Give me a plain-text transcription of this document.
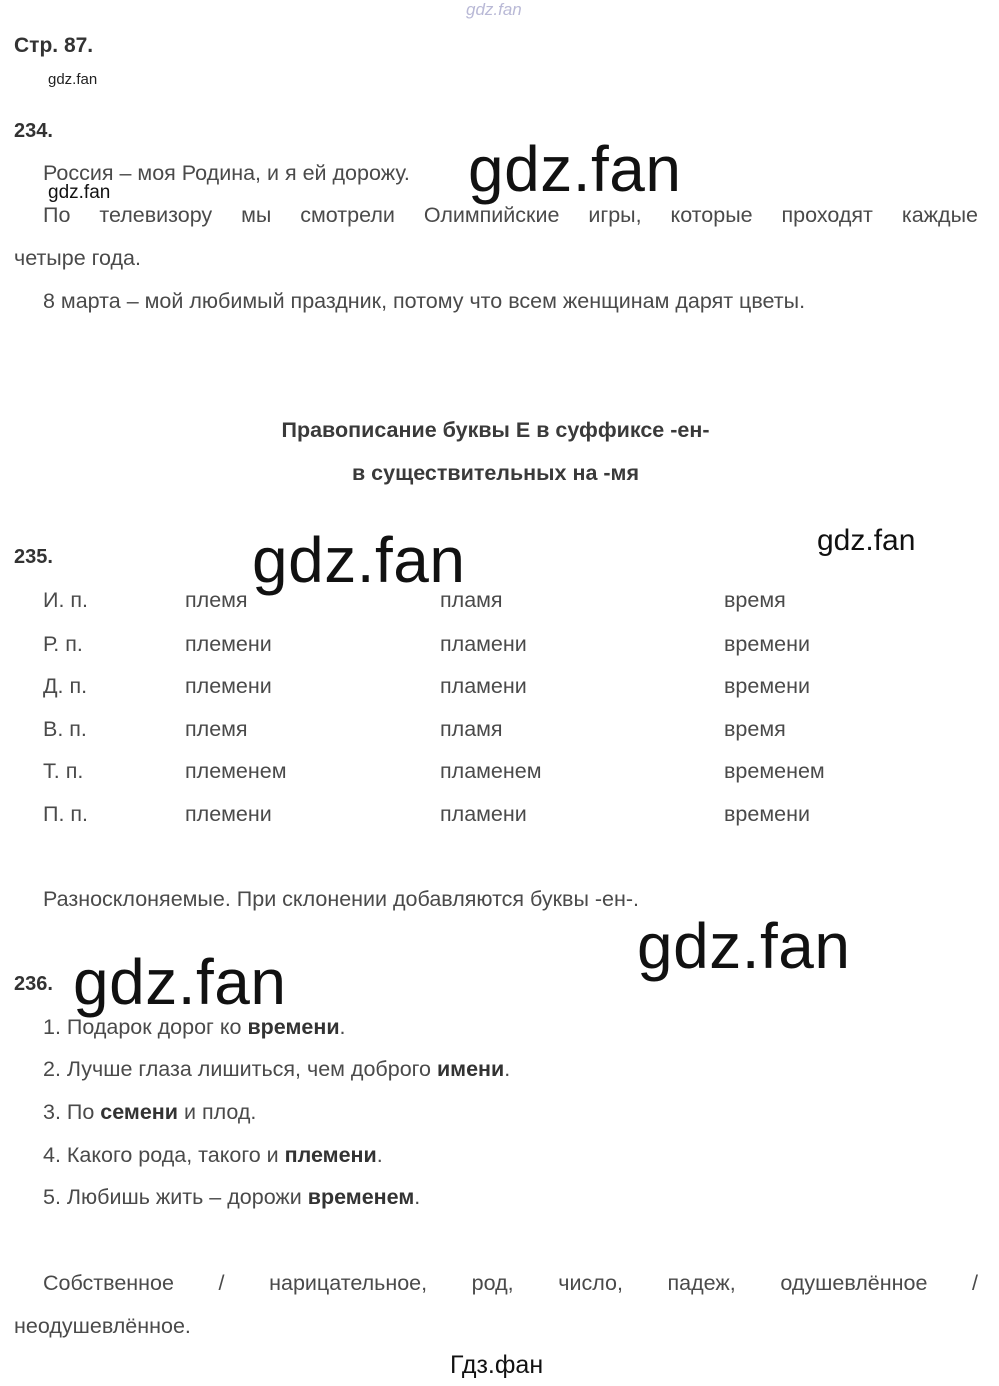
gdz.fan
Стр. 87.
gdz.fan
234.
Россия – моя Родина, и я ей дорожу.
gdz.fan	gdz.fan
По телевизору мы смотрели Олимпийские игры, которые проходят каждые
четыре года.
8 марта – мой любимый праздник, потому что всем женщинам дарят цветы.
Правописание буквы Е в суффиксе -ен-
в существительных на -мя
235.	gdz.fan
gdz.fan
И. п.	племя	пламя	время
Р. п.	племени	пламени	времени
Д. п.	племени	пламени	времени
В. п.	племя	пламя	время
Т. п.	племенем	пламенем	временем
П. п.	племени	пламени	времени
Разносклоняемые. При склонении добавляются буквы -ен-.
gdz.fan
236. gdz.fan
1. Подарок дорог ко времени.
2. Лучше глаза лишиться, чем доброго имени.
3. По семени и плод.
4. Какого рода, такого и племени.
5. Любишь жить – дорожи временем.
Собственное / нарицательное, род, число, падеж, одушевлённое /
неодушевлённое.
Гдз.фан
